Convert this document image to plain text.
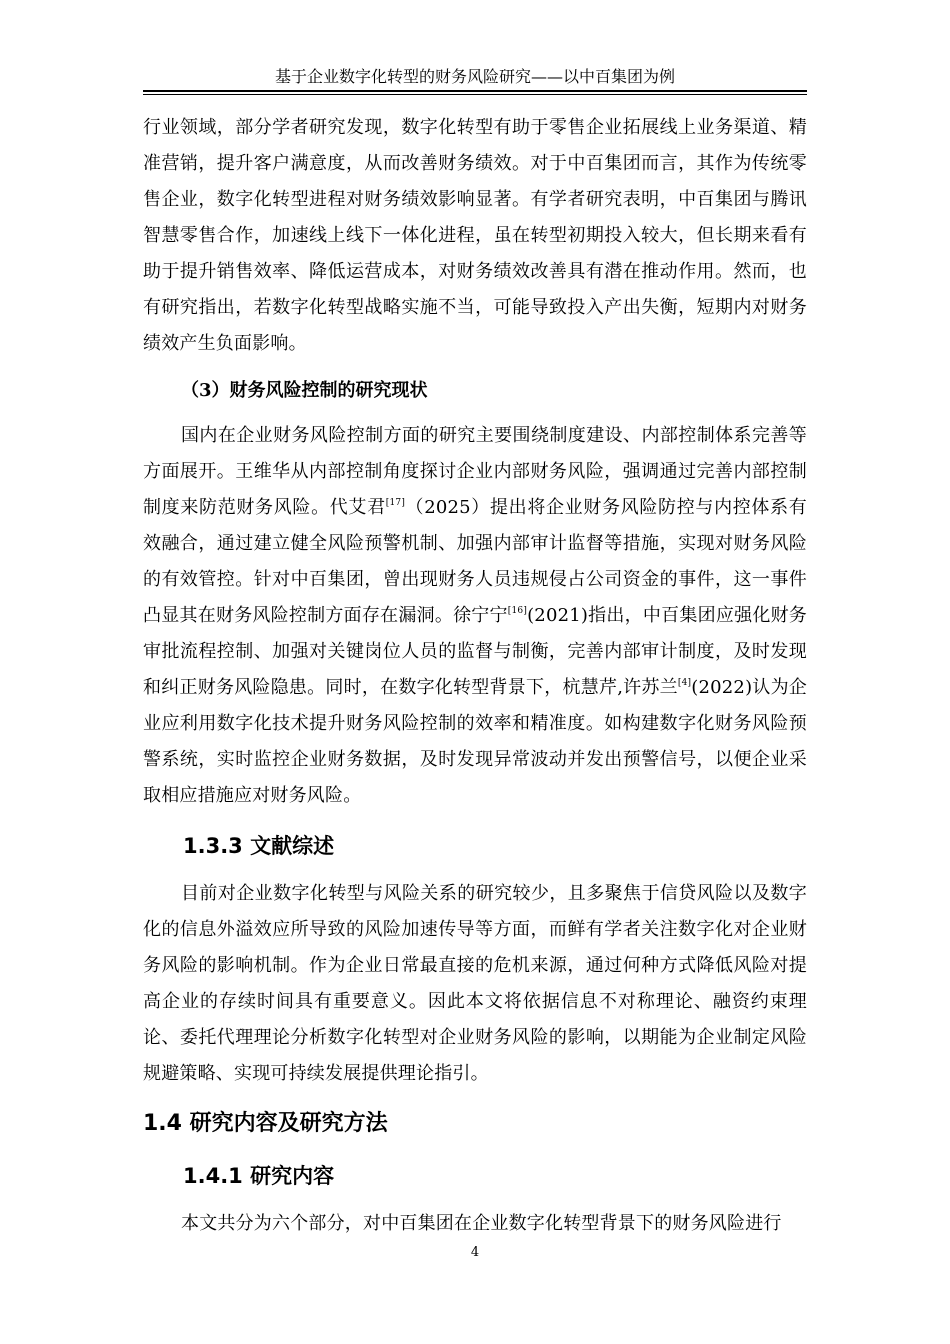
基于企业数字化转型的财务风险研究——以中百集团为例

行业领域，部分学者研究发现，数字化转型有助于零售企业拓展线上业务渠道、精准营销，提升客户满意度，从而改善财务绩效。对于中百集团而言，其作为传统零售企业，数字化转型进程对财务绩效影响显著。有学者研究表明，中百集团与腾讯智慧零售合作，加速线上线下一体化进程，虽在转型初期投入较大，但长期来看有助于提升销售效率、降低运营成本，对财务绩效改善具有潜在推动作用。然而，也有研究指出，若数字化转型战略实施不当，可能导致投入产出失衡，短期内对财务绩效产生负面影响。

（3）财务风险控制的研究现状

国内在企业财务风险控制方面的研究主要围绕制度建设、内部控制体系完善等方面展开。王维华从内部控制角度探讨企业内部财务风险，强调通过完善内部控制制度来防范财务风险。代艾君[17]（2025）提出将企业财务风险防控与内控体系有效融合，通过建立健全风险预警机制、加强内部审计监督等措施，实现对财务风险的有效管控。针对中百集团，曾出现财务人员违规侵占公司资金的事件，这一事件凸显其在财务风险控制方面存在漏洞。徐宁宁[16](2021)指出，中百集团应强化财务审批流程控制、加强对关键岗位人员的监督与制衡，完善内部审计制度，及时发现和纠正财务风险隐患。同时，在数字化转型背景下，杭慧芹,许苏兰[4](2022)认为企业应利用数字化技术提升财务风险控制的效率和精准度。如构建数字化财务风险预警系统，实时监控企业财务数据，及时发现异常波动并发出预警信号，以便企业采取相应措施应对财务风险。

1.3.3 文献综述

目前对企业数字化转型与风险关系的研究较少，且多聚焦于信贷风险以及数字化的信息外溢效应所导致的风险加速传导等方面，而鲜有学者关注数字化对企业财务风险的影响机制。作为企业日常最直接的危机来源，通过何种方式降低风险对提高企业的存续时间具有重要意义。因此本文将依据信息不对称理论、融资约束理论、委托代理理论分析数字化转型对企业财务风险的影响，以期能为企业制定风险规避策略、实现可持续发展提供理论指引。

1.4 研究内容及研究方法
1.4.1 研究内容

本文共分为六个部分，对中百集团在企业数字化转型背景下的财务风险进行

4
